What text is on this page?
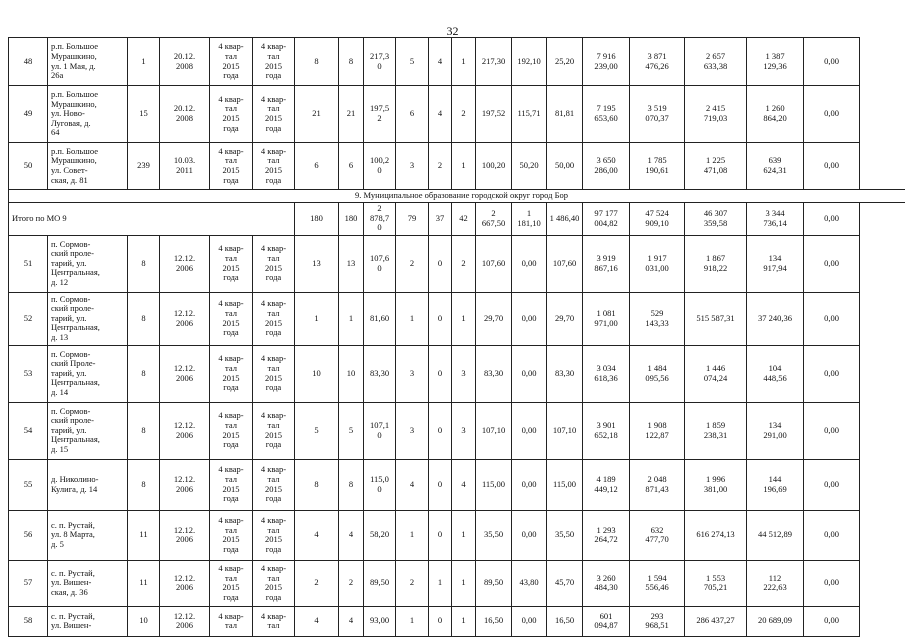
32
48	р.п. Большое
Мурашкино,
ул. 1 Мая, д.
26а	1	20.12.
2008	4 квар-
тал
2015
года	4 квар-
тал
2015
года	8	8	217,3
0	5	4	1	217,30	192,10	25,20	7 916
239,00	3 871
476,26	2 657
633,38	1 387
129,36	0,00
49	р.п. Большое
Мурашкино,
ул. Ново-
Луговая, д.
64	15	20.12.
2008	4 квар-
тал
2015
года	4 квар-
тал
2015
года	21	21	197,5
2	6	4	2	197,52	115,71	81,81	7 195
653,60	3 519
070,37	2 415
719,03	1 260
864,20	0,00
50	р.п. Большое
Мурашкино,
ул. Совет-
ская, д. 81	239	10.03.
2011	4 квар-
тал
2015
года	4 квар-
тал
2015
года	6	6	100,2
0	3	2	1	100,20	50,20	50,00	3 650
286,00	1 785
190,61	1 225
471,08	639
624,31	0,00
9. Муниципальное образование городской округ город Бор																			
Итого по МО 9						180	180	2
878,7
0	79	37	42	2
667,50	1
181,10	1 486,40	97 177
004,82	47 524
909,10	46 307
359,58	3 344
736,14	0,00
51	п. Сормов-
ский проле-
тарий, ул.
Центральная,
д. 12	8	12.12.
2006	4 квар-
тал
2015
года	4 квар-
тал
2015
года	13	13	107,6
0	2	0	2	107,60	0,00	107,60	3 919
867,16	1 917
031,00	1 867
918,22	134
917,94	0,00
52	п. Сормов-
ский проле-
тарий, ул.
Центральная,
д. 13	8	12.12.
2006	4 квар-
тал
2015
года	4 квар-
тал
2015
года	1	1	81,60	1	0	1	29,70	0,00	29,70	1 081
971,00	529
143,33	515 587,31	37 240,36	0,00
53	п. Сормов-
ский Проле-
тарий, ул.
Центральная,
д. 14	8	12.12.
2006	4 квар-
тал
2015
года	4 квар-
тал
2015
года	10	10	83,30	3	0	3	83,30	0,00	83,30	3 034
618,36	1 484
095,56	1 446
074,24	104
448,56	0,00
54	п. Сормов-
ский проле-
тарий, ул.
Центральная,
д. 15	8	12.12.
2006	4 квар-
тал
2015
года	4 квар-
тал
2015
года	5	5	107,1
0	3	0	3	107,10	0,00	107,10	3 901
652,18	1 908
122,87	1 859
238,31	134
291,00	0,00
55	д. Николино-
Кулига, д. 14	8	12.12.
2006	4 квар-
тал
2015
года	4 квар-
тал
2015
года	8	8	115,0
0	4	0	4	115,00	0,00	115,00	4 189
449,12	2 048
871,43	1 996
381,00	144
196,69	0,00
56	с. п. Рустай,
ул. 8 Марта,
д. 5	11	12.12.
2006	4 квар-
тал
2015
года	4 квар-
тал
2015
года	4	4	58,20	1	0	1	35,50	0,00	35,50	1 293
264,72	632
477,70	616 274,13	44 512,89	0,00
57	с. п. Рустай,
ул. Вишен-
ская, д. 36	11	12.12.
2006	4 квар-
тал
2015
года	4 квар-
тал
2015
года	2	2	89,50	2	1	1	89,50	43,80	45,70	3 260
484,30	1 594
556,46	1 553
705,21	112
222,63	0,00
58	с. п. Рустай,
ул. Вишен-	10	12.12.
2006	4 квар-
тал	4 квар-
тал	4	4	93,00	1	0	1	16,50	0,00	16,50	601
094,87	293
968,51	286 437,27	20 689,09	0,00
